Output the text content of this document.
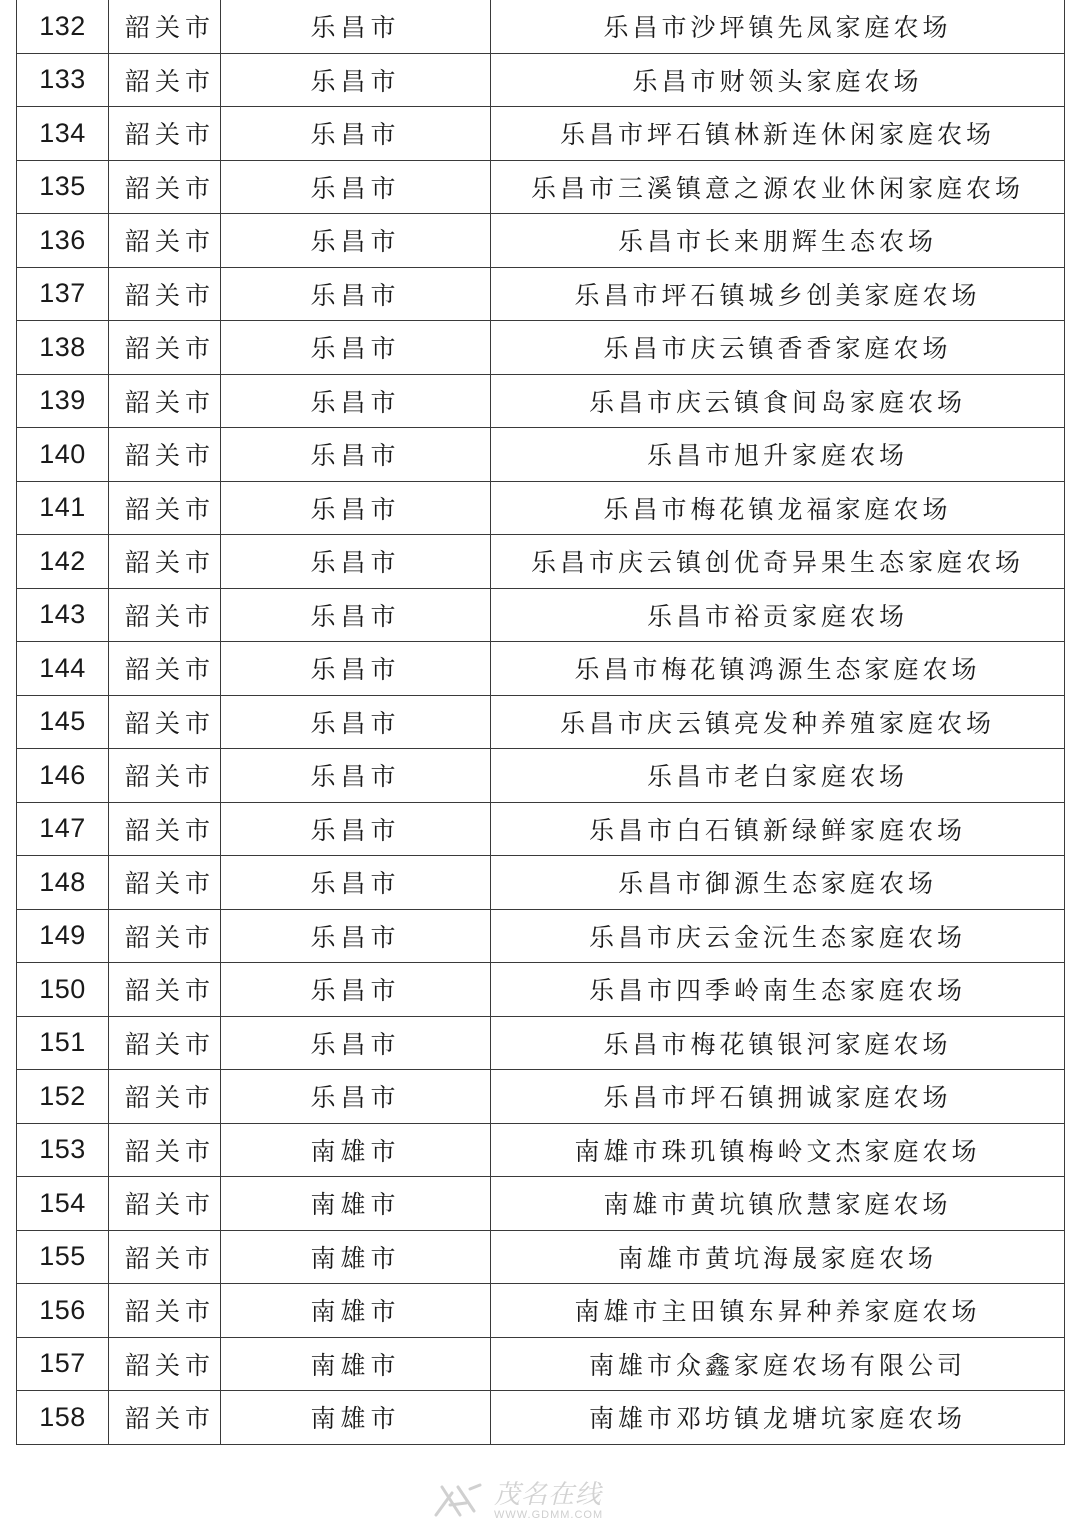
132	韶关市	乐昌市	乐昌市沙坪镇先凤家庭农场
133	韶关市	乐昌市	乐昌市财领头家庭农场
134	韶关市	乐昌市	乐昌市坪石镇林新连休闲家庭农场
135	韶关市	乐昌市	乐昌市三溪镇意之源农业休闲家庭农场
136	韶关市	乐昌市	乐昌市长来朋辉生态农场
137	韶关市	乐昌市	乐昌市坪石镇城乡创美家庭农场
138	韶关市	乐昌市	乐昌市庆云镇香香家庭农场
139	韶关市	乐昌市	乐昌市庆云镇食间岛家庭农场
140	韶关市	乐昌市	乐昌市旭升家庭农场
141	韶关市	乐昌市	乐昌市梅花镇龙福家庭农场
142	韶关市	乐昌市	乐昌市庆云镇创优奇异果生态家庭农场
143	韶关市	乐昌市	乐昌市裕贡家庭农场
144	韶关市	乐昌市	乐昌市梅花镇鸿源生态家庭农场
145	韶关市	乐昌市	乐昌市庆云镇亮发种养殖家庭农场
146	韶关市	乐昌市	乐昌市老白家庭农场
147	韶关市	乐昌市	乐昌市白石镇新绿鲜家庭农场
148	韶关市	乐昌市	乐昌市御源生态家庭农场
149	韶关市	乐昌市	乐昌市庆云金沅生态家庭农场
150	韶关市	乐昌市	乐昌市四季岭南生态家庭农场
151	韶关市	乐昌市	乐昌市梅花镇银河家庭农场
152	韶关市	乐昌市	乐昌市坪石镇拥诚家庭农场
153	韶关市	南雄市	南雄市珠玑镇梅岭文杰家庭农场
154	韶关市	南雄市	南雄市黄坑镇欣慧家庭农场
155	韶关市	南雄市	南雄市黄坑海晟家庭农场
156	韶关市	南雄市	南雄市主田镇东昇种养家庭农场
157	韶关市	南雄市	南雄市众鑫家庭农场有限公司
158	韶关市	南雄市	南雄市邓坊镇龙塘坑家庭农场
茂名在线
WWW.GDMM.COM
